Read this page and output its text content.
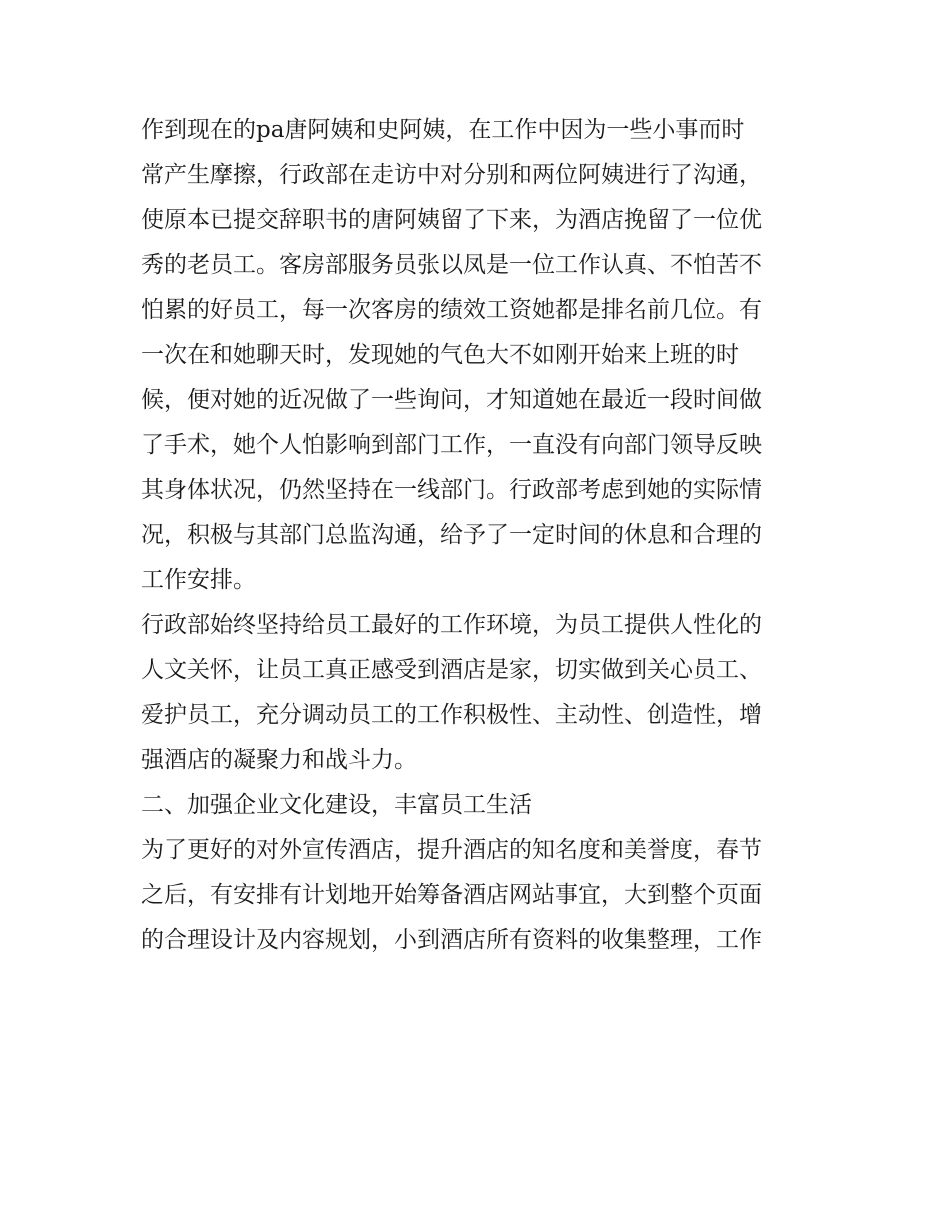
作到现在的pa唐阿姨和史阿姨，在工作中因为一些小事而时
常产生摩擦，行政部在走访中对分别和两位阿姨进行了沟通，
使原本已提交辞职书的唐阿姨留了下来，为酒店挽留了一位优
秀的老员工。客房部服务员张以凤是一位工作认真、不怕苦不
怕累的好员工，每一次客房的绩效工资她都是排名前几位。有
一次在和她聊天时，发现她的气色大不如刚开始来上班的时
候，便对她的近况做了一些询问，才知道她在最近一段时间做
了手术，她个人怕影响到部门工作，一直没有向部门领导反映
其身体状况，仍然坚持在一线部门。行政部考虑到她的实际情
况，积极与其部门总监沟通，给予了一定时间的休息和合理的
工作安排。
行政部始终坚持给员工最好的工作环境，为员工提供人性化的
人文关怀，让员工真正感受到酒店是家，切实做到关心员工、
爱护员工，充分调动员工的工作积极性、主动性、创造性，增
强酒店的凝聚力和战斗力。
二、加强企业文化建设，丰富员工生活
为了更好的对外宣传酒店，提升酒店的知名度和美誉度，春节
之后，有安排有计划地开始筹备酒店网站事宜，大到整个页面
的合理设计及内容规划，小到酒店所有资料的收集整理，工作
